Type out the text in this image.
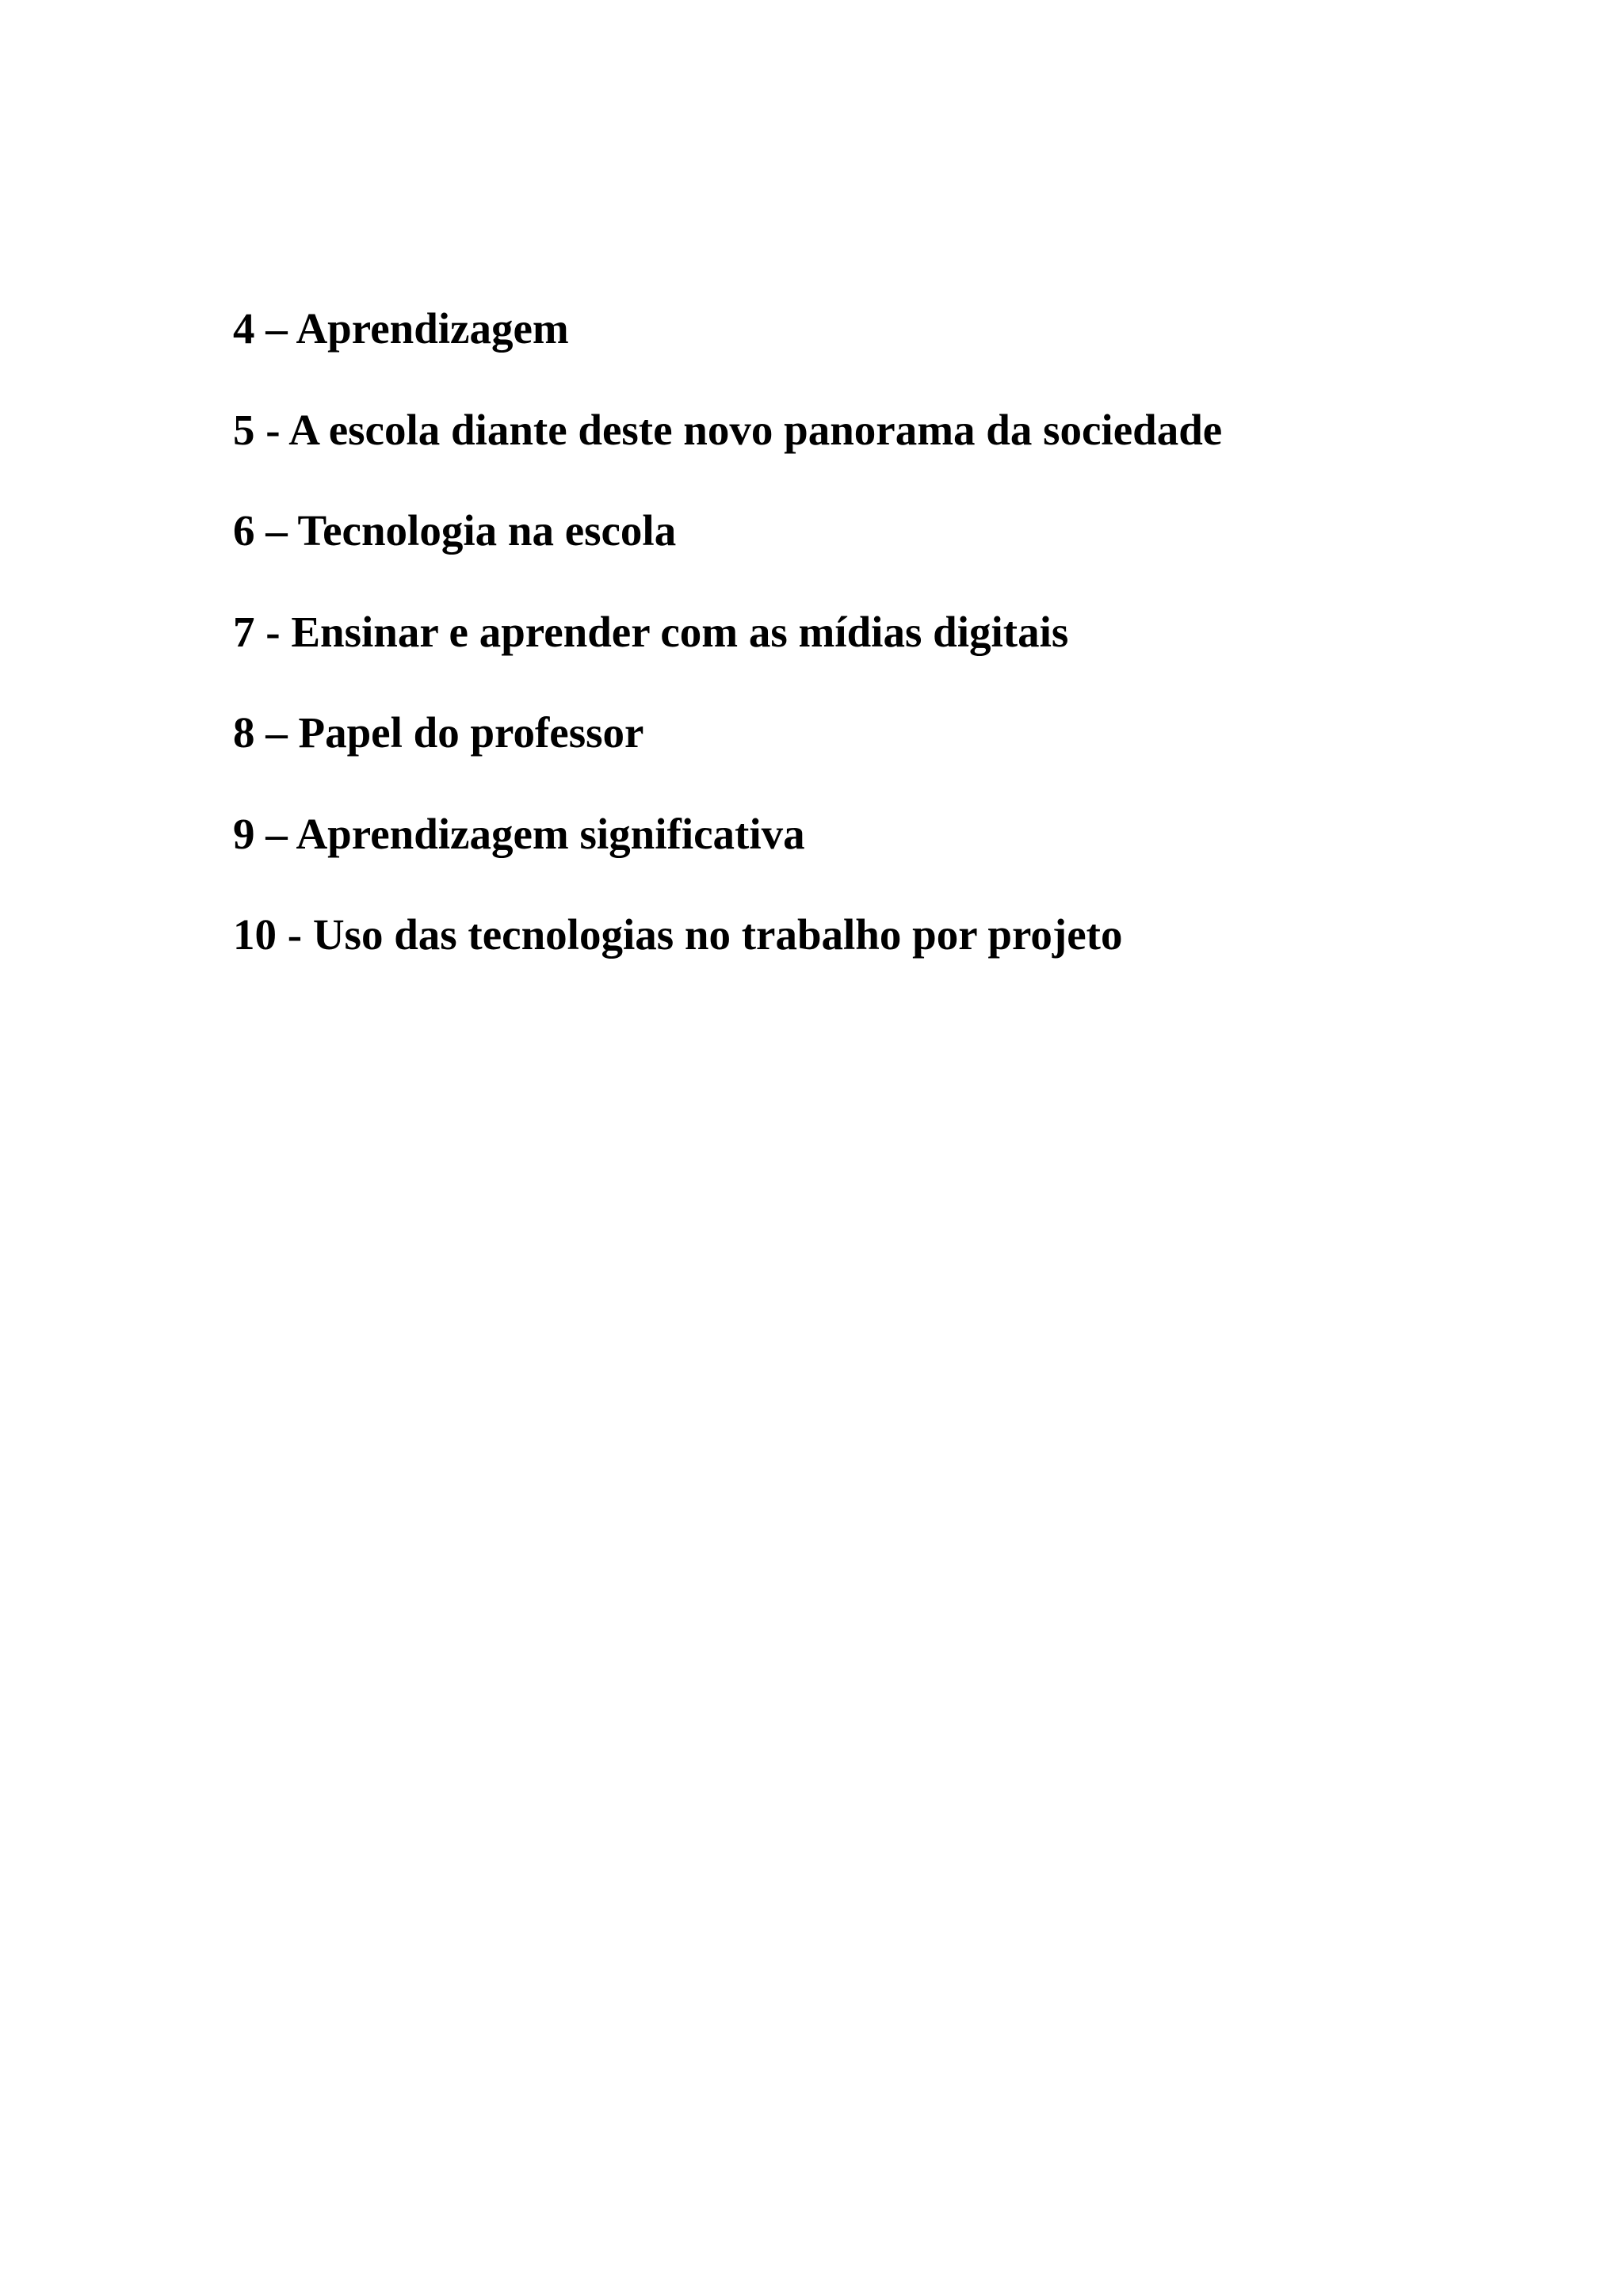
4 – Aprendizagem
5 - A escola diante deste novo panorama da sociedade
6 – Tecnologia na escola
7 - Ensinar e aprender com as mídias digitais
8 – Papel do professor
9 – Aprendizagem significativa
10 - Uso das tecnologias no trabalho por projeto
